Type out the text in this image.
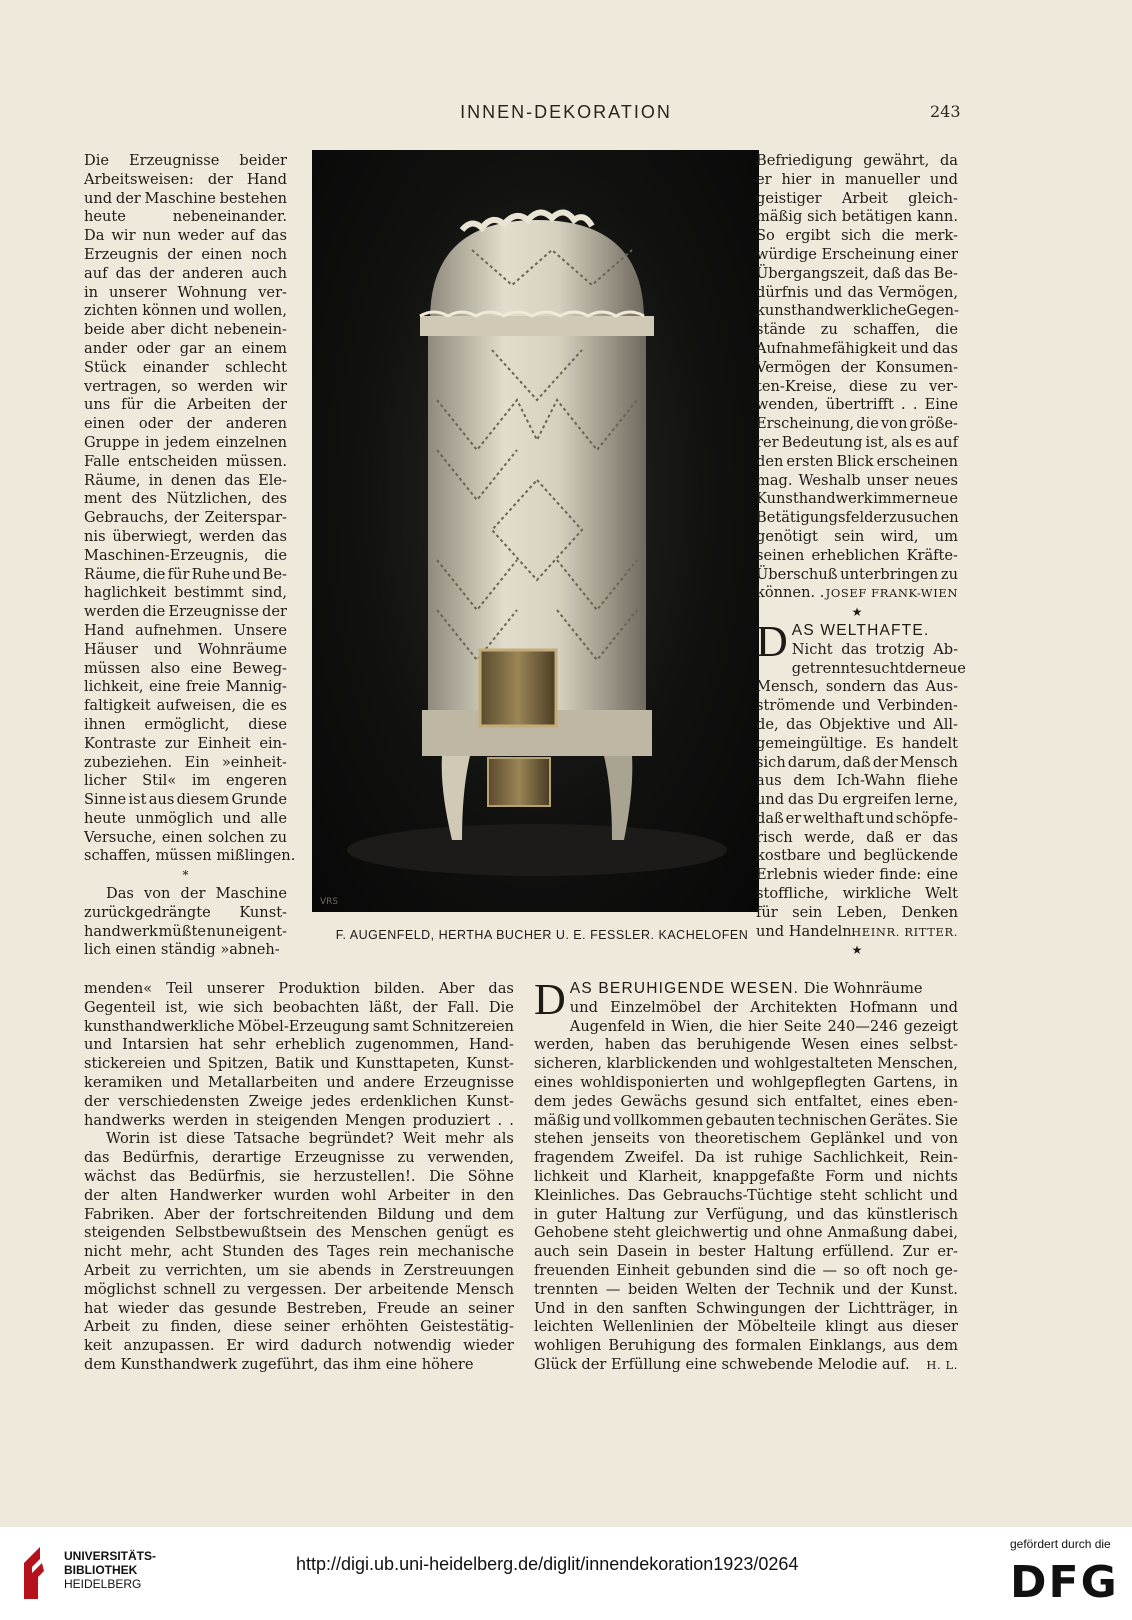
INNEN-DEKORATION	243
Die Erzeugnisse beider
Arbeitsweisen: der Hand
und der Maschine bestehen
heute	nebeneinander.
Da wir nun weder auf das
Erzeugnis der einen noch
auf das der anderen auch
in unserer Wohnung ver-
zichten können und wollen,
beide aber dicht nebenein-
ander oder gar an einem
Stück einander schlecht
vertragen, so werden wir
uns für die Arbeiten der
einen oder der anderen
Gruppe in jedem einzelnen
Falle entscheiden müssen.
Räume, in denen das Ele-
ment des Nützlichen, des
Gebrauchs, der Zeiterspar-
nis überwiegt, werden das
Maschinen-Erzeugnis, die
Räume, die für Ruhe und Be-
haglichkeit bestimmt sind,
werden die Erzeugnisse der
Hand aufnehmen. Unsere
Häuser und Wohnräume
müssen also eine Beweg-
lichkeit, eine freie Mannig-
faltigkeit aufweisen, die es
ihnen ermöglicht, diese
Kontraste zur Einheit ein-
zubeziehen. Ein »einheit-
licher Stil« im engeren
Sinne ist aus diesem Grunde
heute unmöglich und alle
Versuche, einen solchen zu
schaffen, müssen mißlingen.
*
Das von der Maschine
zurückgedrängte Kunst-
handwerk müßte nun eigent-
lich einen ständig »abneh-
menden« Teil unserer Produktion bilden. Aber das
Gegenteil ist, wie sich beobachten läßt, der Fall. Die
kunsthandwerkliche Möbel-Erzeugung samt Schnitzereien
und Intarsien hat sehr erheblich zugenommen, Hand-
stickereien und Spitzen, Batik und Kunsttapeten, Kunst-
keramiken und Metallarbeiten und andere Erzeugnisse
der verschiedensten Zweige jedes erdenklichen Kunst-
handwerks werden in steigenden Mengen produziert . .
Worin ist diese Tatsache begründet? Weit mehr als
das Bedürfnis, derartige Erzeugnisse zu verwenden,
wächst das Bedürfnis, sie herzustellen!. Die Söhne
der alten Handwerker wurden wohl Arbeiter in den
Fabriken. Aber der fortschreitenden Bildung und dem
steigenden Selbstbewußtsein des Menschen genügt es
nicht mehr, acht Stunden des Tages rein mechanische
Arbeit zu verrichten, um sie abends in Zerstreuungen
möglichst schnell zu vergessen. Der arbeitende Mensch
hat wieder das gesunde Bestreben, Freude an seiner
Arbeit zu finden, diese seiner erhöhten Geistestätig-
keit anzupassen. Er wird dadurch notwendig wieder
dem Kunsthandwerk zugeführt, das ihm eine höhere
VRS
F. AUGENFELD, HERTHA BUCHER U. E. FESSLER. KACHELOFEN
Befriedigung gewährt, da
er hier in manueller und
geistiger Arbeit gleich-
mäßig sich betätigen kann.
So ergibt sich die merk-
würdige Erscheinung einer
Übergangszeit, daß das Be-
dürfnis und das Vermögen,
kunsthandwerkliche Gegen-
stände zu schaffen, die
Aufnahmefähigkeit und das
Vermögen der Konsumen-
ten-Kreise, diese zu ver-
wenden, übertrifft . . Eine
Erscheinung, die von größe-
rer Bedeutung ist, als es auf
den ersten Blick erscheinen
mag. Weshalb unser neues
Kunsthandwerk immer neue
Betätigungsfelder zu suchen
genötigt sein wird, um
seinen erheblichen Kräfte-
Überschuß unterbringen zu
können. . JOSEF FRANK-WIEN
★
D AS WELTHAFTE.
Nicht das trotzig Ab-
getrennte sucht der neue
Mensch, sondern das Aus-
strömende und Verbinden-
de, das Objektive und All-
gemeingültige. Es handelt
sich darum, daß der Mensch
aus dem Ich-Wahn fliehe
und das Du ergreifen lerne,
daß er welthaft und schöpfe-
risch werde, daß er das
kostbare und beglückende
Erlebnis wieder finde: eine
stoffliche, wirkliche Welt
für sein Leben, Denken
und Handeln.
HEINR. RITTER.
★
D AS BERUHIGENDE WESEN. Die Wohnräume
und Einzelmöbel der Architekten Hofmann und
Augenfeld in Wien, die hier Seite 240—246 gezeigt
werden, haben das beruhigende Wesen eines selbst-
sicheren, klarblickenden und wohlgestalteten Menschen,
eines wohldisponierten und wohlgepflegten Gartens, in
dem jedes Gewächs gesund sich entfaltet, eines eben-
mäßig und vollkommen gebauten technischen Gerätes. Sie
stehen jenseits von theoretischem Geplänkel und von
fragendem Zweifel. Da ist ruhige Sachlichkeit, Rein-
lichkeit und Klarheit, knappgefaßte Form und nichts
Kleinliches. Das Gebrauchs-Tüchtige steht schlicht und
in guter Haltung zur Verfügung, und das künstlerisch
Gehobene steht gleichwertig und ohne Anmaßung dabei,
auch sein Dasein in bester Haltung erfüllend. Zur er-
freuenden Einheit gebunden sind die — so oft noch ge-
trennten — beiden Welten der Technik und der Kunst.
Und in den sanften Schwingungen der Lichtträger, in
leichten Wellenlinien der Möbelteile klingt aus dieser
wohligen Beruhigung des formalen Einklangs, aus dem
Glück der Erfüllung eine schwebende Melodie auf.	H. L.
UNIVERSITÄTS-
BIBLIOTHEK
HEIDELBERG
http://digi.ub.uni-heidelberg.de/diglit/innendekoration1923/0264
gefördert durch die
DFG
